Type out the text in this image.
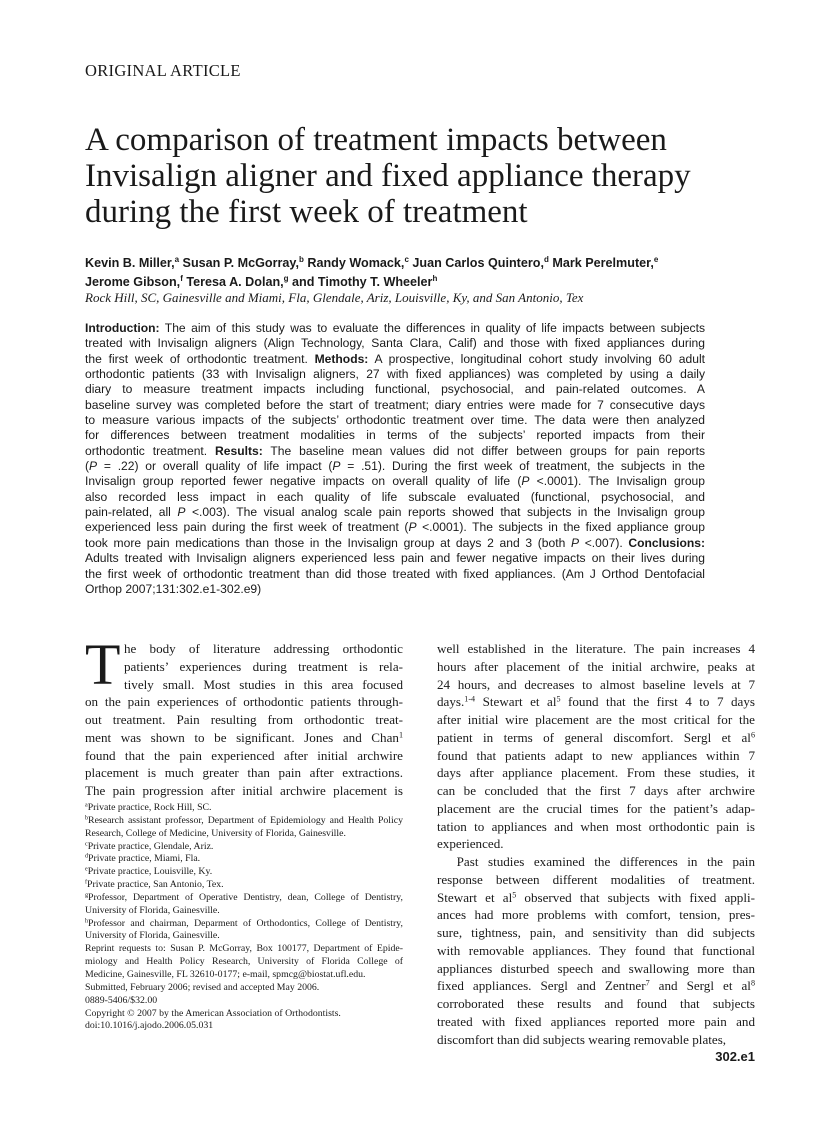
ORIGINAL ARTICLE
A comparison of treatment impacts between
Invisalign aligner and fixed appliance therapy
during the first week of treatment
Kevin B. Miller,$^a$ Susan P. McGorray,$^b$ Randy Womack,$^c$ Juan Carlos Quintero,$^d$ Mark Perelmuter,$^e$
Jerome Gibson,$^f$ Teresa A. Dolan,$^g$ and Timothy T. Wheeler$^h$
Rock Hill, SC, Gainesville and Miami, Fla, Glendale, Ariz, Louisville, Ky, and San Antonio, Tex
Introduction: The aim of this study was to evaluate the differences in quality of life impacts between subjects
treated with Invisalign aligners (Align Technology, Santa Clara, Calif) and those with fixed appliances during
the first week of orthodontic treatment. Methods: A prospective, longitudinal cohort study involving 60 adult
orthodontic patients (33 with Invisalign aligners, 27 with fixed appliances) was completed by using a daily
diary to measure treatment impacts including functional, psychosocial, and pain-related outcomes. A
baseline survey was completed before the start of treatment; diary entries were made for 7 consecutive days
to measure various impacts of the subjects’ orthodontic treatment over time. The data were then analyzed
for differences between treatment modalities in terms of the subjects’ reported impacts from their
orthodontic treatment. Results: The baseline mean values did not differ between groups for pain reports
(P = .22) or overall quality of life impact (P = .51). During the first week of treatment, the subjects in the
Invisalign group reported fewer negative impacts on overall quality of life (P <.0001). The Invisalign group
also recorded less impact in each quality of life subscale evaluated (functional, psychosocial, and
pain-related, all P <.003). The visual analog scale pain reports showed that subjects in the Invisalign group
experienced less pain during the first week of treatment (P <.0001). The subjects in the fixed appliance group
took more pain medications than those in the Invisalign group at days 2 and 3 (both P <.007). Conclusions:
Adults treated with Invisalign aligners experienced less pain and fewer negative impacts on their lives during
the first week of orthodontic treatment than did those treated with fixed appliances. (Am J Orthod Dentofacial
Orthop 2007;131:302.e1-302.e9)
T he body of literature addressing orthodontic
patients’ experiences during treatment is rela-
tively small. Most studies in this area focused
on the pain experiences of orthodontic patients through-
out treatment. Pain resulting from orthodontic treat-
ment was shown to be significant. Jones and Chan$^1$
found that the pain experienced after initial archwire
placement is much greater than pain after extractions.
The pain progression after initial archwire placement is
well established in the literature. The pain increases 4
hours after placement of the initial archwire, peaks at
24 hours, and decreases to almost baseline levels at 7
days.$^{1-4}$ Stewart et $al^5$ found that the first 4 to 7 days
after initial wire placement are the most critical for the
patient in terms of general discomfort. Sergl et $al^6$
found that patients adapt to new appliances within 7
days after appliance placement. From these studies, it
can be concluded that the first 7 days after archwire
placement are the crucial times for the patient’s adap-
tation to appliances and when most orthodontic pain is
experienced.
  Past studies examined the differences in the pain
response between different modalities of treatment.
Stewart et $al^5$ observed that subjects with fixed appli-
ances had more problems with comfort, tension, pres-
sure, tightness, pain, and sensitivity than did subjects
with removable appliances. They found that functional
appliances disturbed speech and swallowing more than
fixed appliances. Sergl and Zentner$^7$ and Sergl et $al^8$
corroborated these results and found that subjects
treated with fixed appliances reported more pain and
discomfort than did subjects wearing removable plates,
$^a$Private practice, Rock Hill, SC.
$^b$Research assistant professor, Department of Epidemiology and Health Policy
Research, College of Medicine, University of Florida, Gainesville.
$^c$Private practice, Glendale, Ariz.
$^d$Private practice, Miami, Fla.
$^e$Private practice, Louisville, Ky.
$^f$Private practice, San Antonio, Tex.
$^g$Professor, Department of Operative Dentistry, dean, College of Dentistry,
University of Florida, Gainesville.
$^h$Professor and chairman, Deparment of Orthodontics, College of Dentistry,
University of Florida, Gainesville.
Reprint requests to: Susan P. McGorray, Box 100177, Department of Epide-
miology and Health Policy Research, University of Florida College of
Medicine, Gainesville, FL 32610-0177; e-mail, spmcg@biostat.ufl.edu.
Submitted, February 2006; revised and accepted May 2006.
0889-5406/$32.00
Copyright © 2007 by the American Association of Orthodontists.
doi:10.1016/j.ajodo.2006.05.031
302.e1
